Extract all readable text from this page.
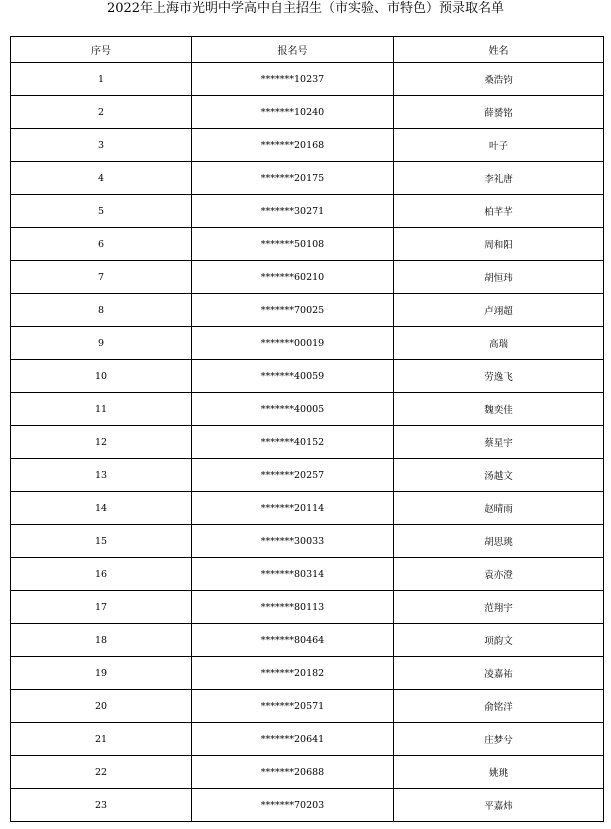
2022年上海市光明中学高中自主招生（市实验、市特色）预录取名单
序号	报名号	姓名
1	*******10237	桑浩钧
2	*******10240	薛赟铭
3	*******20168	叶子
4	*******20175	李礼唐
5	*******30271	柏芊芊
6	*******50108	周和阳
7	*******60210	胡恒玮
8	*******70025	卢翊超
9	*******00019	高瑞
10	*******40059	劳逸飞
11	*******40005	魏奕佳
12	*******40152	蔡星宇
13	*******20257	汤越文
14	*******20114	赵晴雨
15	*******30033	胡思珧
16	*******80314	袁亦澄
17	*******80113	范翔宇
18	*******80464	项韵文
19	*******20182	凌嘉祐
20	*******20571	俞铭洋
21	*******20641	庄梦兮
22	*******20688	姚珧
23	*******70203	平嘉炜
